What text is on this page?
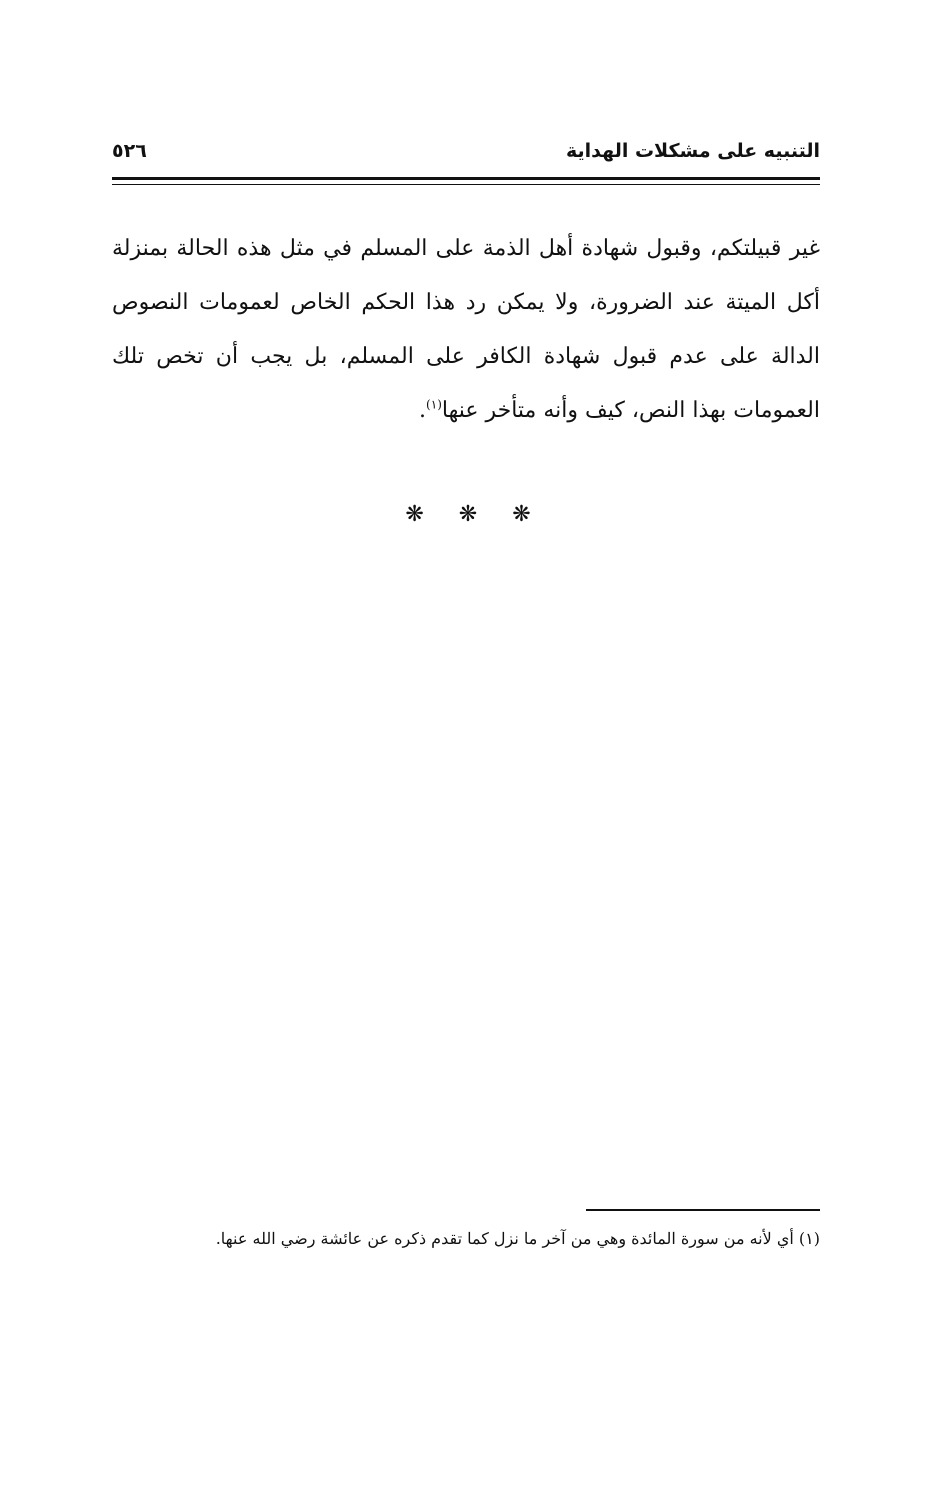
التنبيه على مشكلات الهداية
٥٢٦
غير قبيلتكم، وقبول شهادة أهل الذمة على المسلم في مثل هذه الحالة بمنزلة
أكل الميتة عند الضرورة، ولا يمكن رد هذا الحكم الخاص لعمومات النصوص
الدالة على عدم قبول شهادة الكافر على المسلم، بل يجب أن تخص تلك
العمومات بهذا النص، كيف وأنه متأخر عنها$^{(١)}$.
❋ ❋ ❋
(١) أي لأنه من سورة المائدة وهي من آخر ما نزل كما تقدم ذكره عن عائشة رضي الله عنها.
